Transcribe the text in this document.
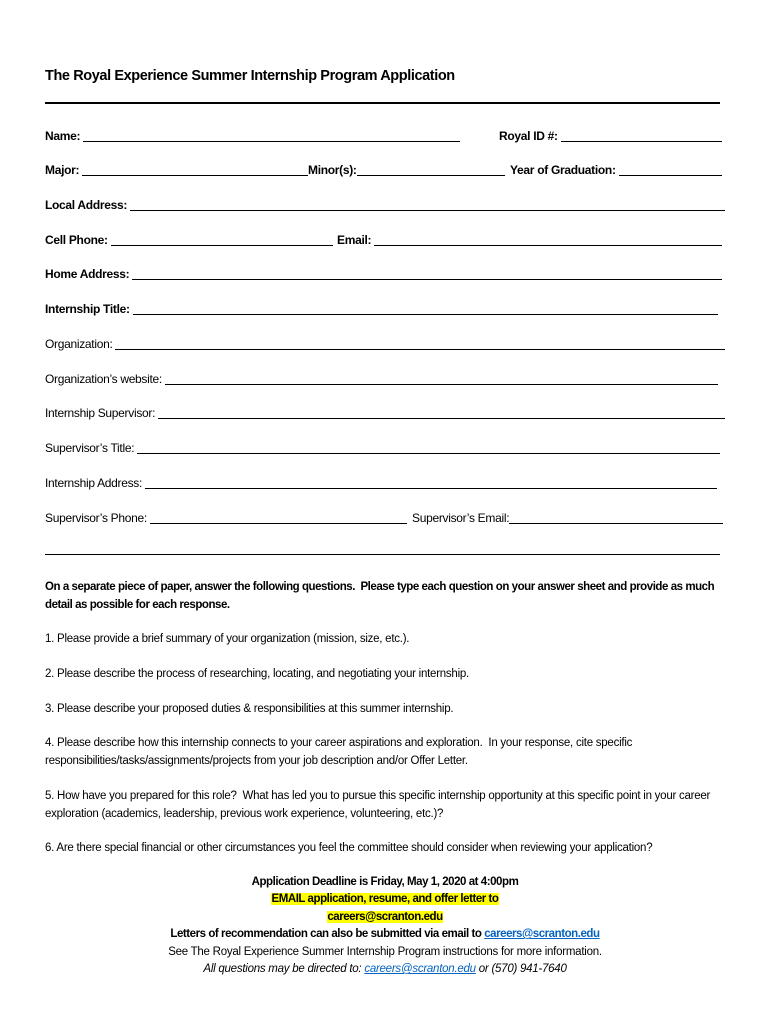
The Royal Experience Summer Internship Program Application
Name:	Royal ID #:
Major:	Minor(s):	Year of Graduation:
Local Address:
Cell Phone:	Email:
Home Address:
Internship Title:
Organization:
Organization’s website:
Internship Supervisor:
Supervisor’s Title:
Internship Address:
Supervisor’s Phone:	Supervisor’s Email:
On a separate piece of paper, answer the following questions.  Please type each question on your answer sheet and provide as much detail as possible for each response.
1. Please provide a brief summary of your organization (mission, size, etc.).
2. Please describe the process of researching, locating, and negotiating your internship.
3. Please describe your proposed duties & responsibilities at this summer internship.
4. Please describe how this internship connects to your career aspirations and exploration.  In your response, cite specific responsibilities/tasks/assignments/projects from your job description and/or Offer Letter.
5. How have you prepared for this role?  What has led you to pursue this specific internship opportunity at this specific point in your career exploration (academics, leadership, previous work experience, volunteering, etc.)?
6. Are there special financial or other circumstances you feel the committee should consider when reviewing your application?
Application Deadline is Friday, May 1, 2020 at 4:00pm
EMAIL application, resume, and offer letter to
careers@scranton.edu
Letters of recommendation can also be submitted via email to careers@scranton.edu
See The Royal Experience Summer Internship Program instructions for more information.
All questions may be directed to: careers@scranton.edu or (570) 941-7640
